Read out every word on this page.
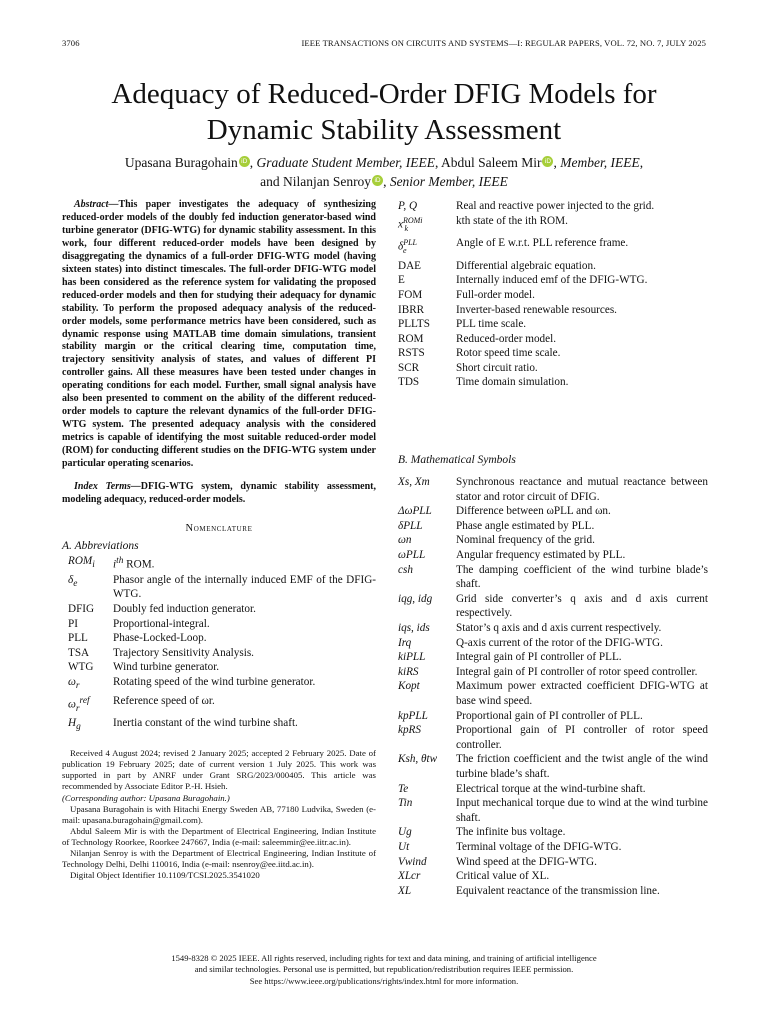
3706	IEEE TRANSACTIONS ON CIRCUITS AND SYSTEMS—I: REGULAR PAPERS, VOL. 72, NO. 7, JULY 2025
Adequacy of Reduced-Order DFIG Models for
Dynamic Stability Assessment
Upasana Buragohain iD , Graduate Student Member, IEEE, Abdul Saleem Mir iD , Member, IEEE,
and Nilanjan Senroy iD , Senior Member, IEEE

Abstract—This paper investigates the adequacy of synthesizing reduced-order models of the doubly fed induction generator-based wind turbine generator (DFIG-WTG) for dynamic stability assessment. In this work, four different reduced-order models have been designed by disaggregating the dynamics of a full-order DFIG-WTG model (having sixteen states) into distinct timescales. The full-order DFIG-WTG model has been considered as the reference system for validating the proposed reduced-order models and then for studying their adequacy for dynamic stability. To perform the proposed adequacy analysis of the reduced-order models, some performance metrics have been considered, such as dynamic response using MATLAB time domain simulations, transient stability margin or the critical clearing time, computation time, trajectory sensitivity analysis of states, and values of different PI controller gains. All these measures have been tested under changes in operating conditions for each model. Further, small signal analysis have also been presented to comment on the ability of the different reduced-order models to capture the relevant dynamics of the full-order DFIG-WTG system. The presented adequacy analysis with the considered metrics is capable of identifying the most suitable reduced-order model (ROM) for conducting different studies on the DFIG-WTG system under particular operating scenarios.

Index Terms—DFIG-WTG system, dynamic stability assessment, modeling adequacy, reduced-order models.

Nomenclature
A. Abbreviations
$ROM_i$	$i^{th}$ ROM.
$\delta_e$	Phasor angle of the internally induced EMF of the DFIG-WTG.
DFIG	Doubly fed induction generator.
PI	Proportional-integral.
PLL	Phase-Locked-Loop.
TSA	Trajectory Sensitivity Analysis.
WTG	Wind turbine generator.
$\omega_r$	Rotating speed of the wind turbine generator.
$\omega_r^{ref}$	Reference speed of ωr.
$H_g$	Inertia constant of the wind turbine shaft.

Received 4 August 2024; revised 2 January 2025; accepted 2 February 2025. Date of publication 19 February 2025; date of current version 1 July 2025. This work was supported in part by ANRF under Grant SRG/2023/000405. This article was recommended by Associate Editor P.-H. Hsieh.

(Corresponding author: Upasana Buragohain.)

Upasana Buragohain is with Hitachi Energy Sweden AB, 77180 Ludvika, Sweden (e-mail: upasana.buragohain@gmail.com).

Abdul Saleem Mir is with the Department of Electrical Engineering, Indian Institute of Technology Roorkee, Roorkee 247667, India (e-mail: saleemmir@ee.iitr.ac.in).

Nilanjan Senroy is with the Department of Electrical Engineering, Indian Institute of Technology Delhi, Delhi 110016, India (e-mail: nsenroy@ee.iitd.ac.in).

Digital Object Identifier 10.1109/TCSI.2025.3541020

P, Q	Real and reactive power injected to the grid.
$x^{ROMi}_k$	kth state of the ith ROM.
$\delta^{PLL}_e$	Angle of E w.r.t. PLL reference frame.
DAE	Differential algebraic equation.
E	Internally induced emf of the DFIG-WTG.
FOM	Full-order model.
IBRR	Inverter-based renewable resources.
PLLTS	PLL time scale.
ROM	Reduced-order model.
RSTS	Rotor speed time scale.
SCR	Short circuit ratio.
TDS	Time domain simulation.
B. Mathematical Symbols
Xs, Xm	Synchronous reactance and mutual reactance between stator and rotor circuit of DFIG.
ΔωPLL	Difference between ωPLL and ωn.
δPLL	Phase angle estimated by PLL.
ωn	Nominal frequency of the grid.
ωPLL	Angular frequency estimated by PLL.
csh	The damping coefficient of the wind turbine blade’s shaft.
iqg, idg	Grid side converter’s q axis and d axis current respectively.
iqs, ids	Stator’s q axis and d axis current respectively.
Irq	Q-axis current of the rotor of the DFIG-WTG.
kiPLL	Integral gain of PI controller of PLL.
kiRS	Integral gain of PI controller of rotor speed controller.
Kopt	Maximum power extracted coefficient DFIG-WTG at base wind speed.
kpPLL	Proportional gain of PI controller of PLL.
kpRS	Proportional gain of PI controller of rotor speed controller.
Ksh, θtw	The friction coefficient and the twist angle of the wind turbine blade’s shaft.
Te	Electrical torque at the wind-turbine shaft.
Tin	Input mechanical torque due to wind at the wind turbine shaft.
Ug	The infinite bus voltage.
Ut	Terminal voltage of the DFIG-WTG.
Vwind	Wind speed at the DFIG-WTG.
XLcr	Critical value of XL.
XL	Equivalent reactance of the transmission line.
1549-8328 © 2025 IEEE. All rights reserved, including rights for text and data mining, and training of artificial intelligence
and similar technologies. Personal use is permitted, but republication/redistribution requires IEEE permission.
See https://www.ieee.org/publications/rights/index.html for more information.
